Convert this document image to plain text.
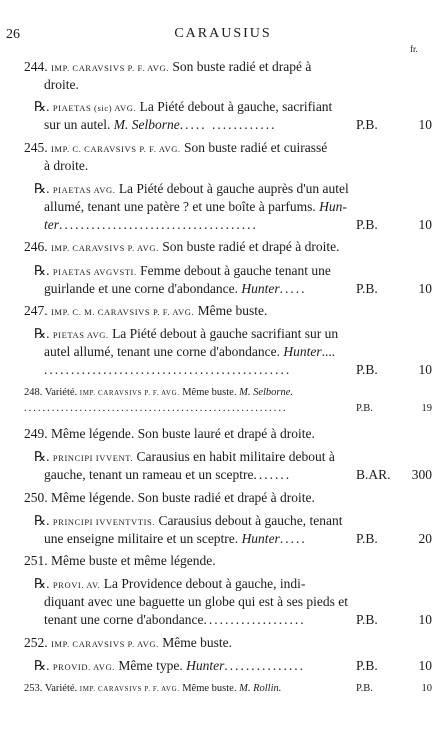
26	CARAUSIUS
fr.
244. IMP. CARAVSIVS P. F. AVG. Son buste radié et drapé à
droite.
℞. PIAETAS (sic) AVG. La Piété debout à gauche, sacrifiant
sur un autel. M. Selborne..... ............	P.B.	10
245. IMP. C. CARAVSIVS P. F. AVG. Son buste radié et cuirassé
à droite.
℞. PIAETAS AVG. La Piété debout à gauche auprès d'un autel
allumé, tenant une patère ? et une boîte à parfums. Hun-
ter.....................................	P.B.	10
246. IMP. CARAVSIVS P. AVG. Son buste radié et drapé à droite.
℞. PIAETAS AVGVSTI. Femme debout à gauche tenant une
guirlande et une corne d'abondance. Hunter.....	P.B.	10
247. IMP. C. M. CARAVSIVS P. F. AVG. Même buste.
℞. PIETAS AVG. La Piété debout à gauche sacrifiant sur un
autel allumé, tenant une corne d'abondance. Hunter....
..............................................	P.B.	10
248. Variété. IMP. CARAVSIVS P. F. AVG. Même buste. M. Selborne.
.........................................................	P.B.	19
249. Même légende. Son buste lauré et drapé à droite.
℞. PRINCIPI IVVENT. Carausius en habit militaire debout à
gauche, tenant un rameau et un sceptre.......	B.AR.	300
250. Même légende. Son buste radié et drapé à droite.
℞. PRINCIPI IVVENTVTIS. Carausius debout à gauche, tenant
une enseigne militaire et un sceptre. Hunter.....	P.B.	20
251. Même buste et même légende.
℞. PROVI. AV. La Providence debout à gauche, indi-
diquant avec une baguette un globe qui est à ses pieds et
tenant une corne d'abondance...................	P.B.	10
252. IMP. CARAVSIVS P. AVG. Même buste.
℞. PROVID. AVG. Même type. Hunter...............	P.B.	10
253. Variété. IMP. CARAVSIVS P. F. AVG. Même buste. M. Rollin.	P.B.	10
